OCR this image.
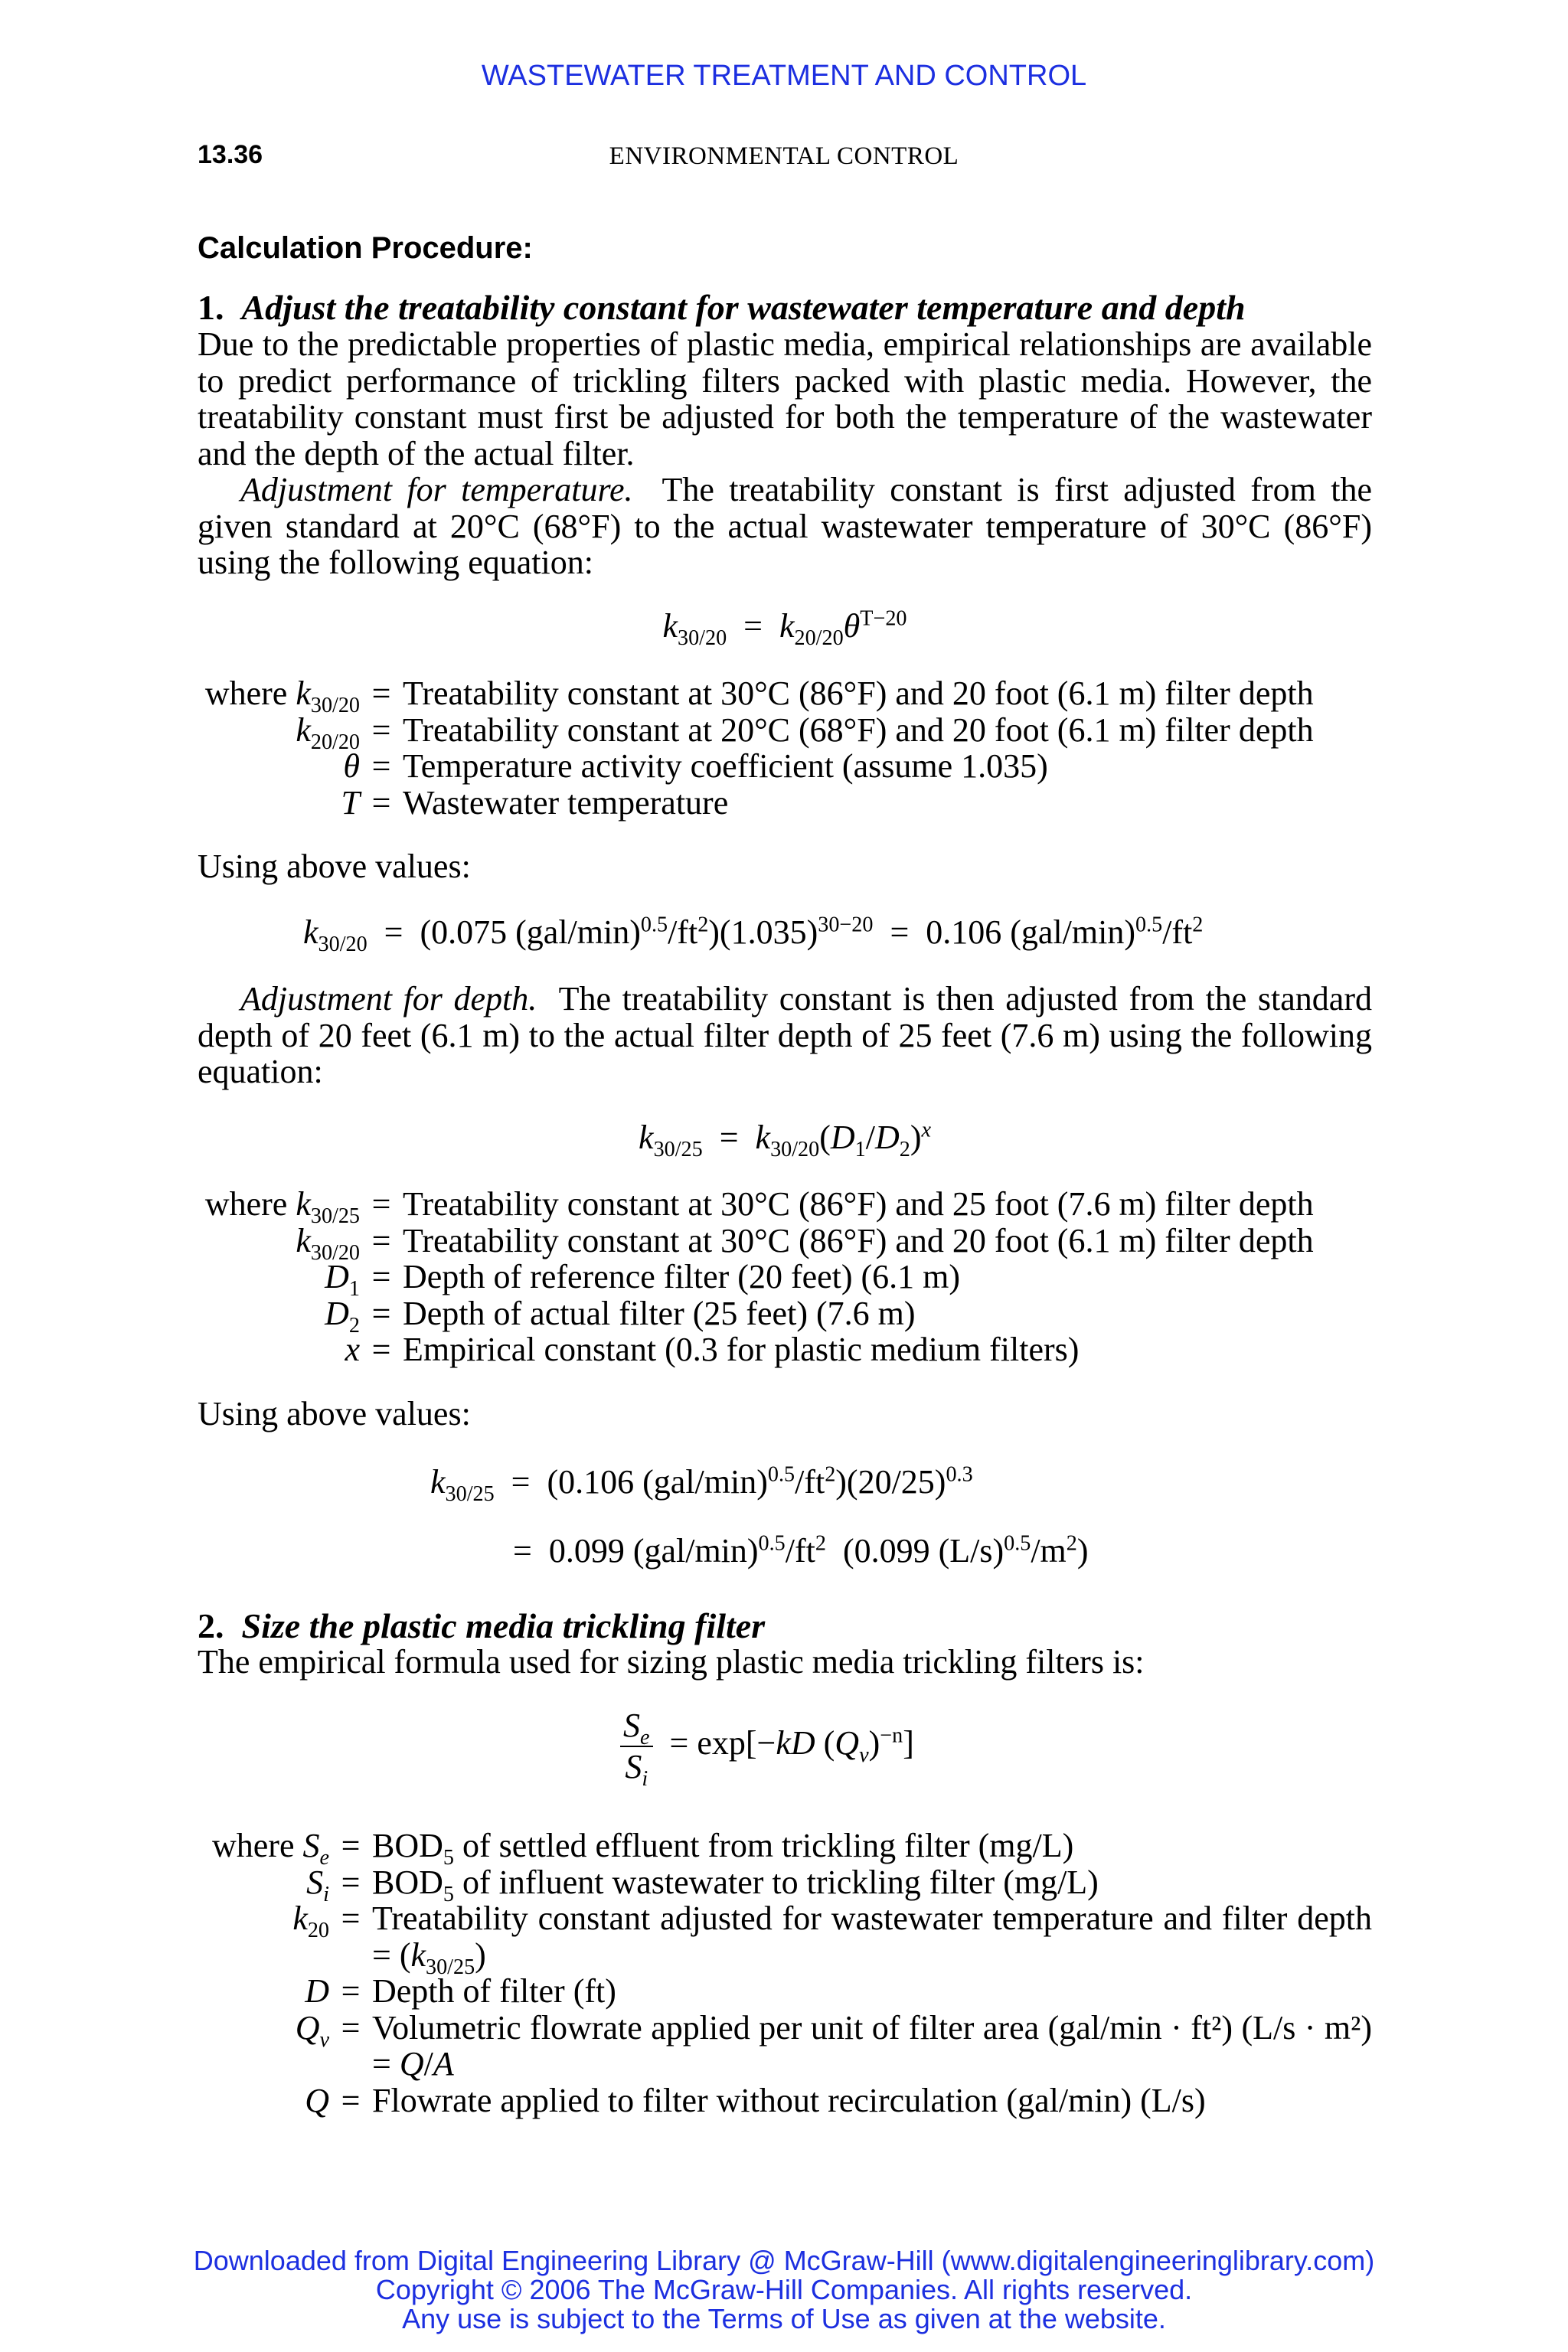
WASTEWATER TREATMENT AND CONTROL
13.36	ENVIRONMENTAL CONTROL
Calculation Procedure:
1. Adjust the treatability constant for wastewater temperature and depth

Due to the predictable properties of plastic media, empirical relationships are available to predict performance of trickling filters packed with plastic media. However, the treatability constant must first be adjusted for both the temperature of the wastewater and the depth of the actual filter.

Adjustment for temperature. The treatability constant is first adjusted from the given standard at 20°C (68°F) to the actual wastewater temperature of 30°C (86°F) using the following equation:

$k_{30/20} = k_{20/20}\theta^{T-20}$
where $k_{30/20}$ = Treatability constant at 30°C (86°F) and 20 foot (6.1 m) filter depth
$k_{20/20}$ = Treatability constant at 20°C (68°F) and 20 foot (6.1 m) filter depth
θ = Temperature activity coefficient (assume 1.035)
T = Wastewater temperature

Using above values:

$k_{30/20} = (0.075$ $(gal/\min)^{0.5}/ft^2)(1.035)^{30-20} = 0.106$ $(gal/\min)^{0.5}/ft^2$

Adjustment for depth. The treatability constant is then adjusted from the standard depth of 20 feet (6.1 m) to the actual filter depth of 25 feet (7.6 m) using the following equation:

$k_{30/25} = k_{30/20}(D_1/D_2)^x$
where $k_{30/25}$ = Treatability constant at 30°C (86°F) and 25 foot (7.6 m) filter depth
$k_{30/20}$ = Treatability constant at 30°C (86°F) and 20 foot (6.1 m) filter depth
$D_1$ = Depth of reference filter (20 feet) (6.1 m)
$D_2$ = Depth of actual filter (25 feet) (7.6 m)
x = Empirical constant (0.3 for plastic medium filters)

Using above values:

$k_{30/25} = (0.106$ $(gal/\min)^{0.5}/ft^2)(20/25)^{0.3}$
=  0.099 $(gal/\min)^{0.5}/ft^2$  (0.099 $(L/s)^{0.5}/m^2$)
2. Size the plastic media trickling filter

The empirical formula used for sizing plastic media trickling filters is:

$\frac{S_e}{S_i} = \exp[-kD$ $(Q_v)^{-n}$]
where $S_e = BOD_5$ of settled effluent from trickling filter (mg/L)
$S_i = BOD_5$ of influent wastewater to trickling filter (mg/L)
$k_{20}$ = Treatability constant adjusted for wastewater temperature and filter depth = $(k_{30/25})$
D = Depth of filter (ft)
$Q_v$ = Volumetric flowrate applied per unit of filter area (gal/min · ft²) (L/s · m²) = Q/A
Q = Flowrate applied to filter without recirculation (gal/min) (L/s)
Downloaded from Digital Engineering Library @ McGraw-Hill (www.digitalengineeringlibrary.com)
Copyright © 2006 The McGraw-Hill Companies. All rights reserved.
Any use is subject to the Terms of Use as given at the website.
